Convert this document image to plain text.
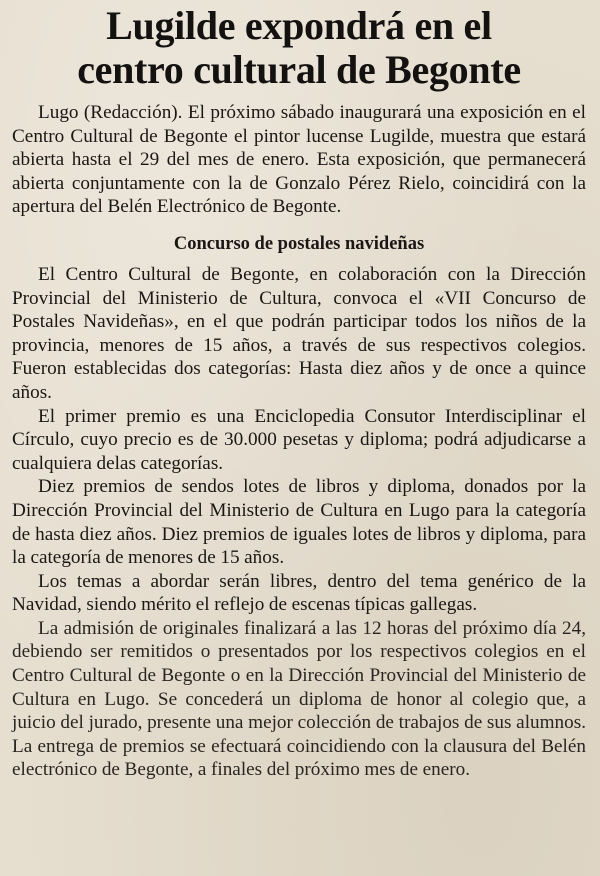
Lugilde expondrá en el
centro cultural de Begonte

Lugo (Redacción). El próximo sábado inaugurará una exposición en el Centro Cultural de Begonte el pintor lucense Lugilde, muestra que estará abierta hasta el 29 del mes de enero. Esta exposición, que permanecerá abierta conjuntamente con la de Gonzalo Pérez Rielo, coincidirá con la apertura del Belén Electrónico de Begonte.

Concurso de postales navideñas

El Centro Cultural de Begonte, en colaboración con la Dirección Provincial del Ministerio de Cultura, convoca el «VII Concurso de Postales Navideñas», en el que podrán participar todos los niños de la provincia, menores de 15 años, a través de sus respectivos colegios. Fueron establecidas dos categorías: Hasta diez años y de once a quince años.

El primer premio es una Enciclopedia Consutor Interdisciplinar el Círculo, cuyo precio es de 30.000 pesetas y diploma; podrá adjudicarse a cualquiera delas categorías.

Diez premios de sendos lotes de libros y diploma, donados por la Dirección Provincial del Ministerio de Cultura en Lugo para la categoría de hasta diez años. Diez premios de iguales lotes de libros y diploma, para la categoría de menores de 15 años.

Los temas a abordar serán libres, dentro del tema genérico de la Navidad, siendo mérito el reflejo de escenas típicas gallegas.

La admisión de originales finalizará a las 12 horas del próximo día 24, debiendo ser remitidos o presentados por los respectivos colegios en el Centro Cultural de Begonte o en la Dirección Provincial del Ministerio de Cultura en Lugo. Se concederá un diploma de honor al colegio que, a juicio del jurado, presente una mejor colección de trabajos de sus alumnos. La entrega de premios se efectuará coincidiendo con la clausura del Belén electrónico de Begonte, a finales del próximo mes de enero.
